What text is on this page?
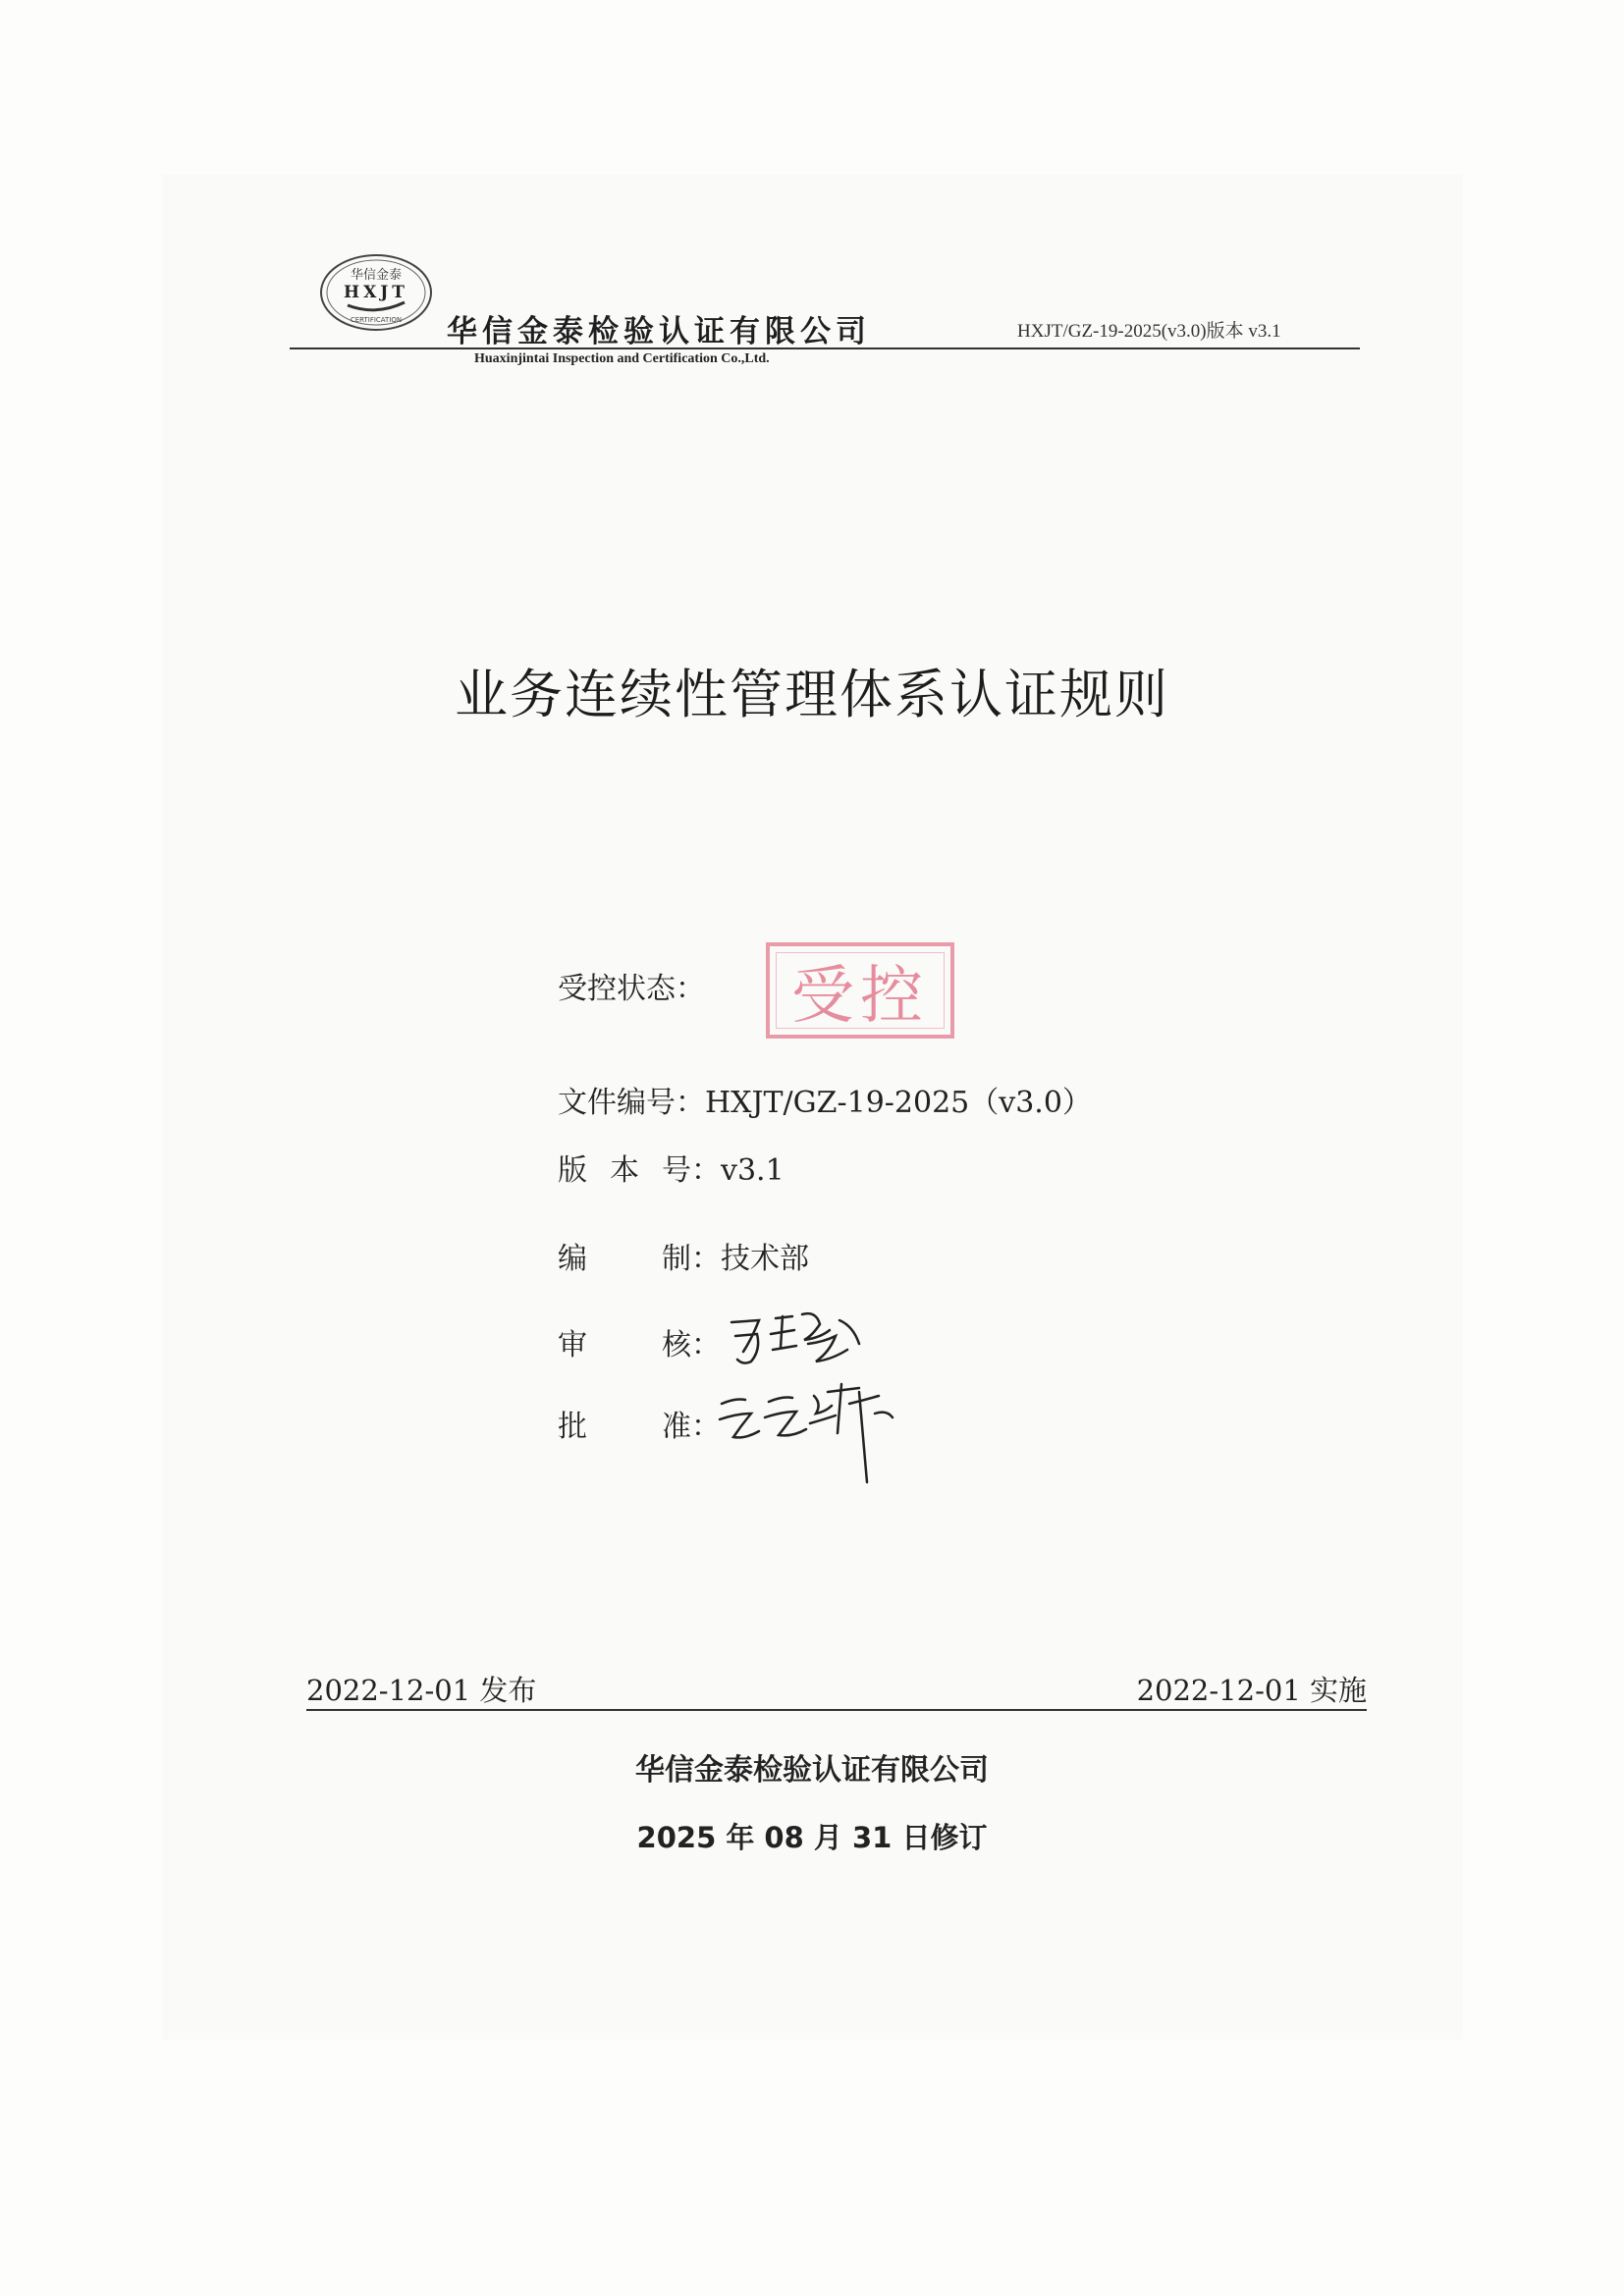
华信金泰
HXJT
CERTIFICATION 华信金泰检验认证有限公司
Huaxinjintai Inspection and Certification Co.,Ltd.
HXJT/GZ-19-2025(v3.0)版本 v3.1
业务连续性管理体系认证规则
受控状态：	受控
文件编号：HXJT/GZ-19-2025（v3.0）
版 本 号： v3.1
编	制： 技术部
审	核：
批	准：
2022-12-01 发布	2022-12-01 实施
华信金泰检验认证有限公司
2025 年 08 月 31 日修订
